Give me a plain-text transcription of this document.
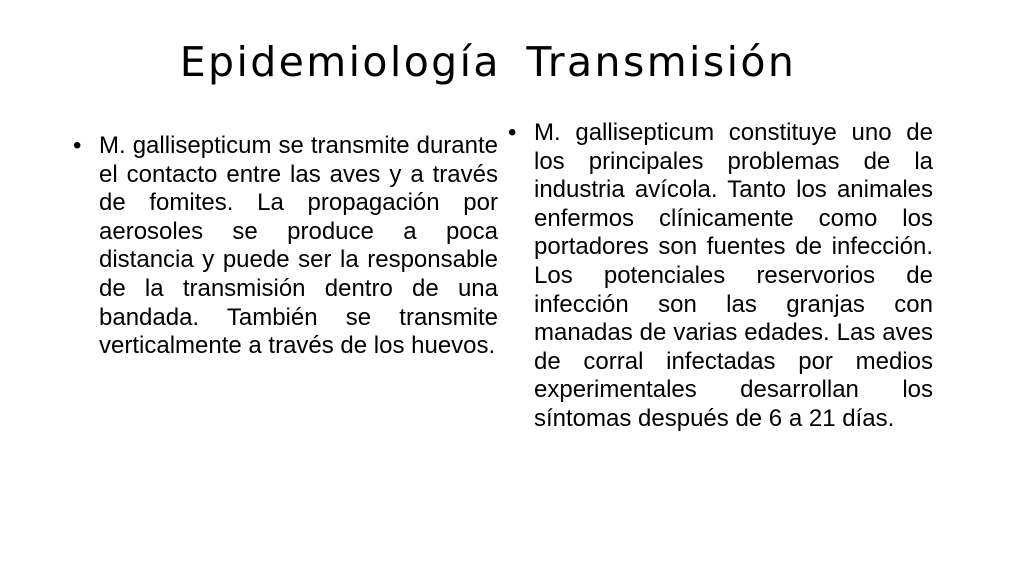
Epidemiología Transmisión
• M. gallisepticum se transmite durante el contacto entre las aves y a través de fomites. La propagación por aerosoles se produce a poca distancia y puede ser la responsable de la transmisión dentro de una bandada. También se transmite verticalmente a través de los huevos.
• M. gallisepticum constituye uno de los principales problemas de la industria avícola. Tanto los animales enfermos clínicamente como los portadores son fuentes de infección. Los potenciales reservorios de infección son las granjas con manadas de varias edades. Las aves de corral infectadas por medios experimentales desarrollan los síntomas después de 6 a 21 días.
